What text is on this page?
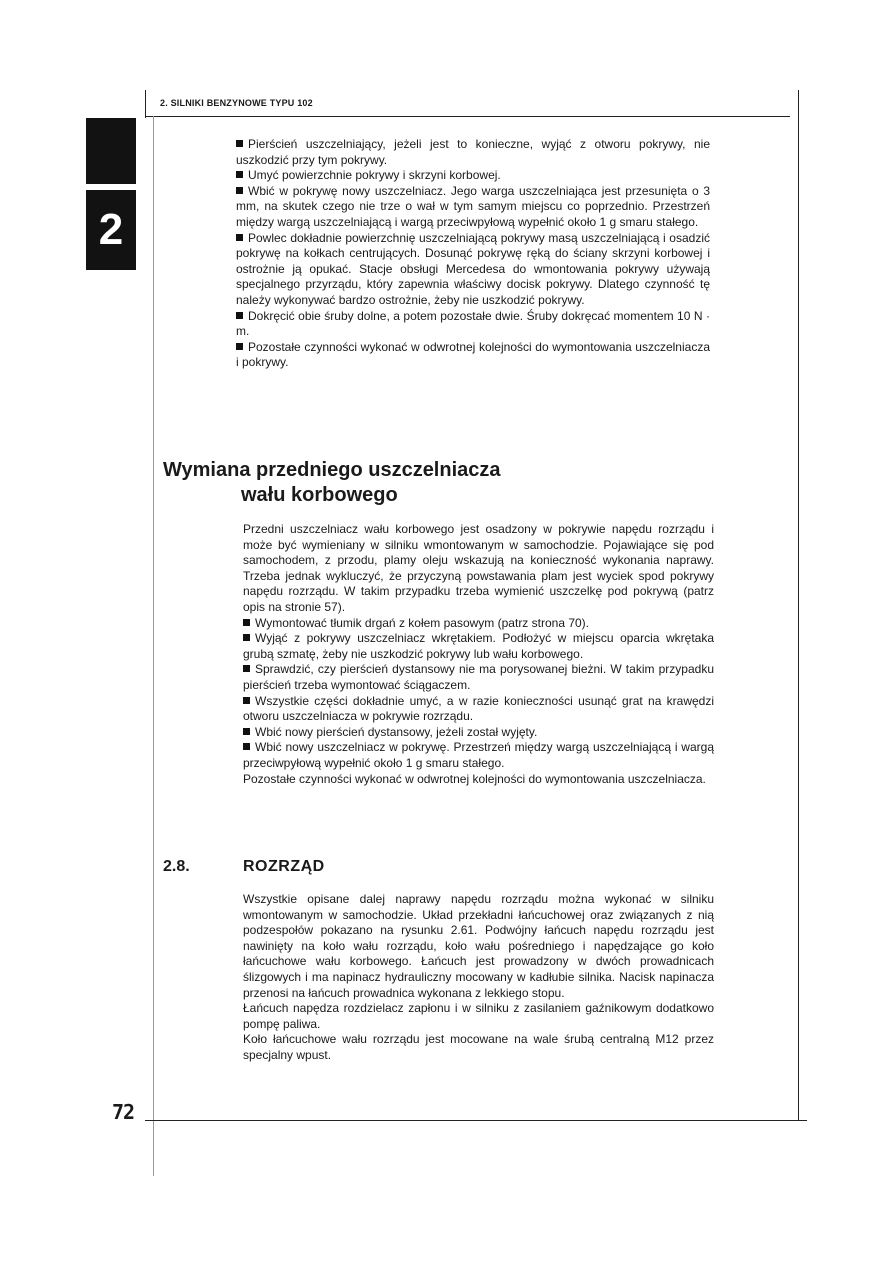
2
2. SILNIKI BENZYNOWE TYPU 102

Pierścień uszczelniający, jeżeli jest to konieczne, wyjąć z otworu pokrywy, nie uszkodzić przy tym pokrywy.

Umyć powierzchnie pokrywy i skrzyni korbowej.

Wbić w pokrywę nowy uszczelniacz. Jego warga uszczelniająca jest przesunięta o 3 mm, na skutek czego nie trze o wał w tym samym miejscu co poprzednio. Przestrzeń między wargą uszczelniającą i wargą przeciwpyłową wypełnić około 1 g smaru stałego.

Powlec dokładnie powierzchnię uszczelniającą pokrywy masą uszczelniającą i osadzić pokrywę na kołkach centrujących. Dosunąć pokrywę ręką do ściany skrzyni korbowej i ostrożnie ją opukać. Stacje obsługi Mercedesa do wmontowania pokrywy używają specjalnego przyrządu, który zapewnia właściwy docisk pokrywy. Dlatego czynność tę należy wykonywać bardzo ostrożnie, żeby nie uszkodzić pokrywy.

Dokręcić obie śruby dolne, a potem pozostałe dwie. Śruby dokręcać momentem 10 N · m.

Pozostałe czynności wykonać w odwrotnej kolejności do wymontowania uszczelniacza i pokrywy.

Wymiana przedniego uszczelniacza
wału korbowego

Przedni uszczelniacz wału korbowego jest osadzony w pokrywie napędu rozrządu i może być wymieniany w silniku wmontowanym w samochodzie. Pojawiające się pod samochodem, z przodu, plamy oleju wskazują na konieczność wykonania naprawy. Trzeba jednak wykluczyć, że przyczyną powstawania plam jest wyciek spod pokrywy napędu rozrządu. W takim przypadku trzeba wymienić uszczelkę pod pokrywą (patrz opis na stronie 57).

Wymontować tłumik drgań z kołem pasowym (patrz strona 70).

Wyjąć z pokrywy uszczelniacz wkrętakiem. Podłożyć w miejscu oparcia wkrętaka grubą szmatę, żeby nie uszkodzić pokrywy lub wału korbowego.

Sprawdzić, czy pierścień dystansowy nie ma porysowanej bieżni. W takim przypadku pierścień trzeba wymontować ściągaczem.

Wszystkie części dokładnie umyć, a w razie konieczności usunąć grat na krawędzi otworu uszczelniacza w pokrywie rozrządu.

Wbić nowy pierścień dystansowy, jeżeli został wyjęty.

Wbić nowy uszczelniacz w pokrywę. Przestrzeń między wargą uszczelniającą i wargą przeciwpyłową wypełnić około 1 g smaru stałego.

Pozostałe czynności wykonać w odwrotnej kolejności do wymontowania uszczelniacza.

2.8.	ROZRZĄD

Wszystkie opisane dalej naprawy napędu rozrządu można wykonać w silniku wmontowanym w samochodzie. Układ przekładni łańcuchowej oraz związanych z nią podzespołów pokazano na rysunku 2.61. Podwójny łańcuch napędu rozrządu jest nawinięty na koło wału rozrządu, koło wału pośredniego i napędzające go koło łańcuchowe wału korbowego. Łańcuch jest prowadzony w dwóch prowadnicach ślizgowych i ma napinacz hydrauliczny mocowany w kadłubie silnika. Nacisk napinacza przenosi na łańcuch prowadnica wykonana z lekkiego stopu.

Łańcuch napędza rozdzielacz zapłonu i w silniku z zasilaniem gaźnikowym dodatkowo pompę paliwa.

Koło łańcuchowe wału rozrządu jest mocowane na wale śrubą centralną M12 przez specjalny wpust.

72
